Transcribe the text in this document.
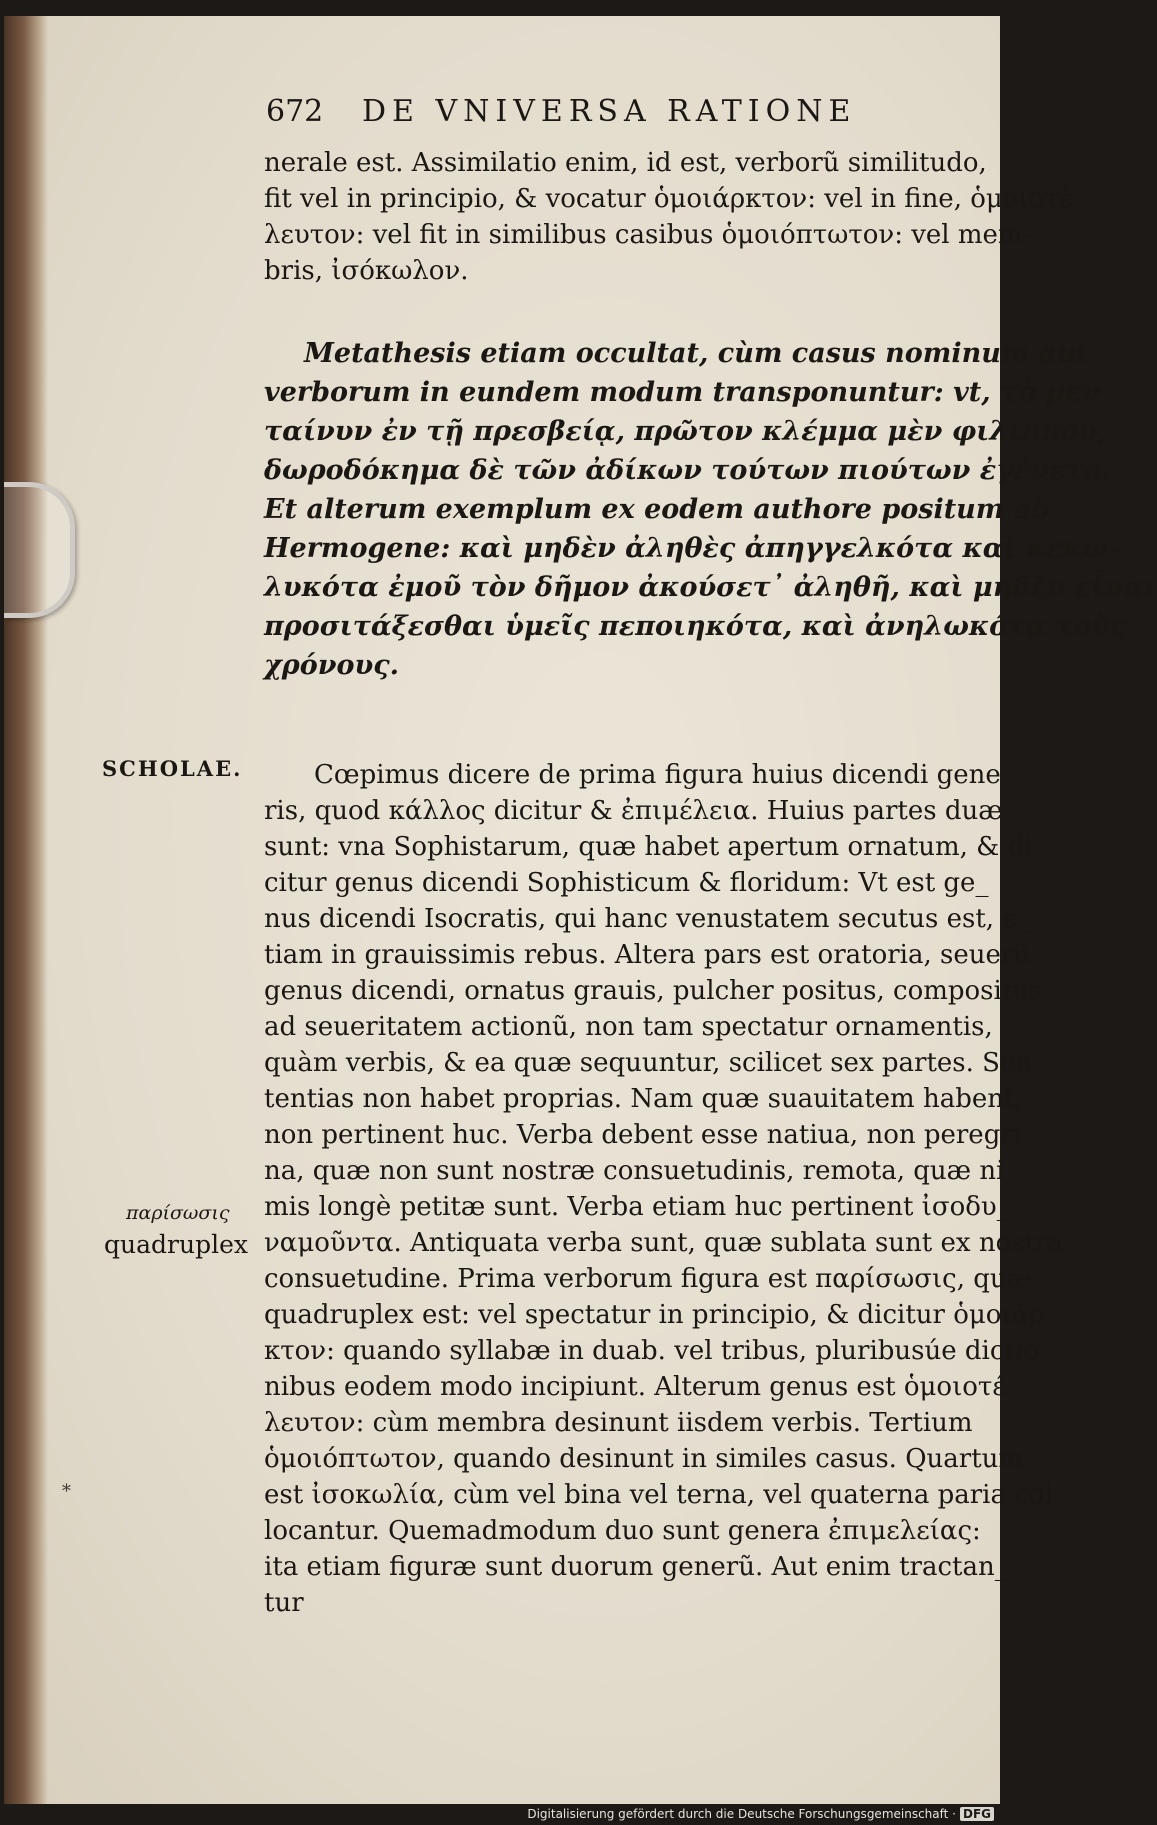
672 DE VNIVERSA RATIONE
nerale est. Assimilatio enim, id est, verborũ similitudo,
fit vel in principio, & vocatur ὁμοιάρκτον: vel in fine, ὁμοιοτέ-
λευτον: vel fit in similibus casibus ὁμοιόπτωτον: vel mem-
bris, ἰσόκωλον.
Metathesis etiam occultat, cùm casus nominum aut
verborum in eundem modum transponuntur: vt, τὸ μὲν
ταίνυν ἐν τῇ πρεσβείᾳ, πρῶτον κλέμμα μὲν φιλίππου,
δωροδόκημα δὲ τῶν ἀδίκων τούτων πιούτων ἐγένετο.
Et alterum exemplum ex eodem authore positum ab
Hermogene: καὶ μηδὲν ἀληθὲς ἀπηγγελκότα καὶ κεκω-
λυκότα ἐμοῦ τὸν δῆμον ἀκούσετ᾽ ἀληθῆ, καὶ μηδὲν εἶναι
προσιτάξεσθαι ὑμεῖς πεποιηκότα, καὶ ἀνηλωκότα τοὺς
χρόνους.
Cœpimus dicere de prima figura huius dicendi gene
ris, quod κάλλος dicitur & ἐπιμέλεια. Huius partes duæ
sunt: vna Sophistarum, quæ habet apertum ornatum, & di
citur genus dicendi Sophisticum & floridum: Vt est ge_
nus dicendi Isocratis, qui hanc venustatem secutus est, e_
tiam in grauissimis rebus. Altera pars est oratoria, seuerũ
genus dicendi, ornatus grauis, pulcher positus, compositus
ad seueritatem actionũ, non tam spectatur ornamentis,
quàm verbis, & ea quæ sequuntur, scilicet sex partes. Sen
tentias non habet proprias. Nam quæ suauitatem habent,
non pertinent huc. Verba debent esse natiua, non peregri
na, quæ non sunt nostræ consuetudinis, remota, quæ ni_
mis longè petitæ sunt. Verba etiam huc pertinent ἰσοδυ_
ναμοῦντα. Antiquata verba sunt, quæ sublata sunt ex nostra
consuetudine. Prima verborum figura est παρίσωσις, quæ
quadruplex est: vel spectatur in principio, & dicitur ὁμοιάρ
κτον: quando syllabæ in duab. vel tribus, pluribusúe dictio
nibus eodem modo incipiunt. Alterum genus est ὁμοιοτέ_
λευτον: cùm membra desinunt iisdem verbis. Tertium
ὁμοιόπτωτον, quando desinunt in similes casus. Quartum
est ἰσοκωλία, cùm vel bina vel terna, vel quaterna paria col
locantur. Quemadmodum duo sunt genera ἐπιμελείας:
ita etiam figuræ sunt duorum generũ. Aut enim tractan_
tur
SCHOLAE.
παρίσωσις
quadruplex
*
Digitalisierung gefördert durch die Deutsche Forschungsgemeinschaft · DFG
